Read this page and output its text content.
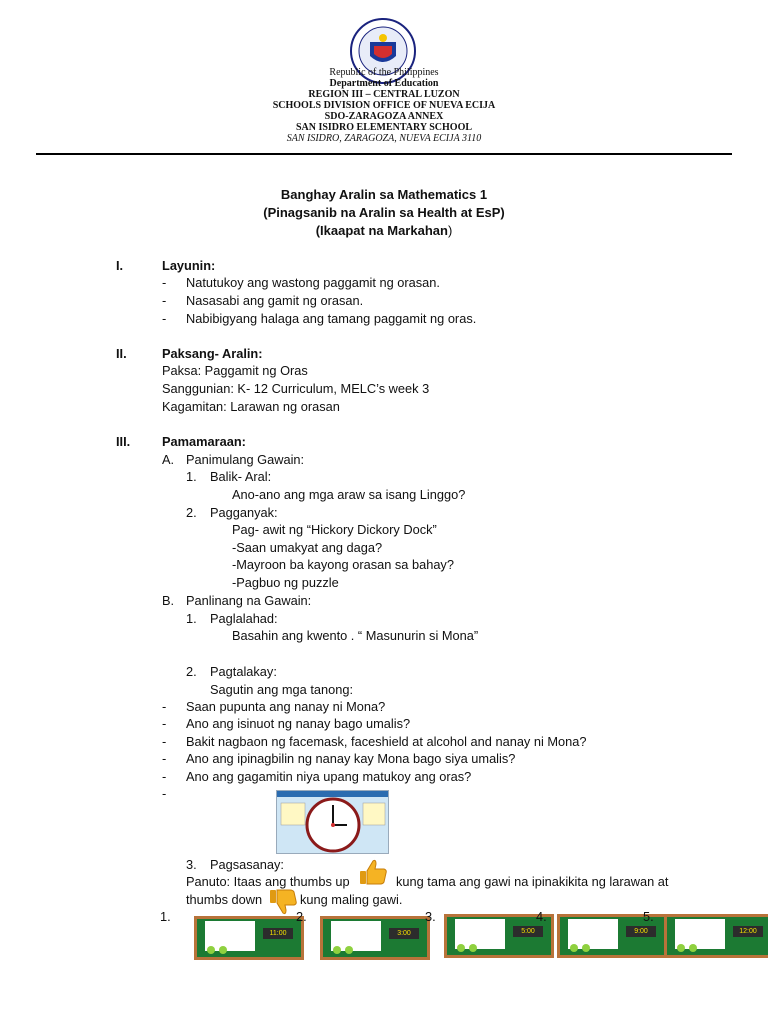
Republic of the Philippines
Department of Education
REGION III – CENTRAL LUZON
SCHOOLS DIVISION OFFICE OF NUEVA ECIJA
SDO-ZARAGOZA ANNEX
SAN ISIDRO ELEMENTARY SCHOOL
SAN ISIDRO, ZARAGOZA, NUEVA ECIJA 3110
Banghay Aralin sa Mathematics 1
(Pinagsanib na Aralin sa Health at EsP)
(Ikaapat na Markahan)
I.	Layunin:
- Natutukoy ang wastong paggamit ng orasan.
- Nasasabi ang gamit ng orasan.
- Nabibigyang halaga ang tamang paggamit ng oras.
II.	Paksang- Aralin:
Paksa: Paggamit ng Oras
Sanggunian: K- 12 Curriculum, MELC’s week 3
Kagamitan: Larawan ng orasan
III. Pamamaraan:
A. Panimulang Gawain:
1. Balik- Aral:
Ano-ano ang mga araw sa isang Linggo?
2. Pagganyak:
Pag- awit ng “Hickory Dickory Dock”
-Saan umakyat ang daga?
-Mayroon ba kayong orasan sa bahay?
-Pagbuo ng puzzle
B. Panlinang na Gawain:
1. Paglalahad:
Basahin ang kwento . “ Masunurin si Mona”
2. Pagtalakay:
Sagutin ang mga tanong:
- Saan pupunta ang nanay ni Mona?
- Ano ang isinuot ng nanay bago umalis?
- Bakit nagbaon ng facemask, faceshield at alcohol and nanay ni Mona?
- Ano ang ipinagbilin ng nanay kay Mona bago siya umalis?
- Ano ang gagamitin niya upang matukoy ang oras?
-
3. Pagsasanay:
Panuto: Itaas ang thumbs up	kung tama ang gawi na ipinakikita ng larawan at
thumbs down	kung maling gawi.
1.
11:00
2.
3:00
3.
5:00
4.
9:00
5.
12:00
